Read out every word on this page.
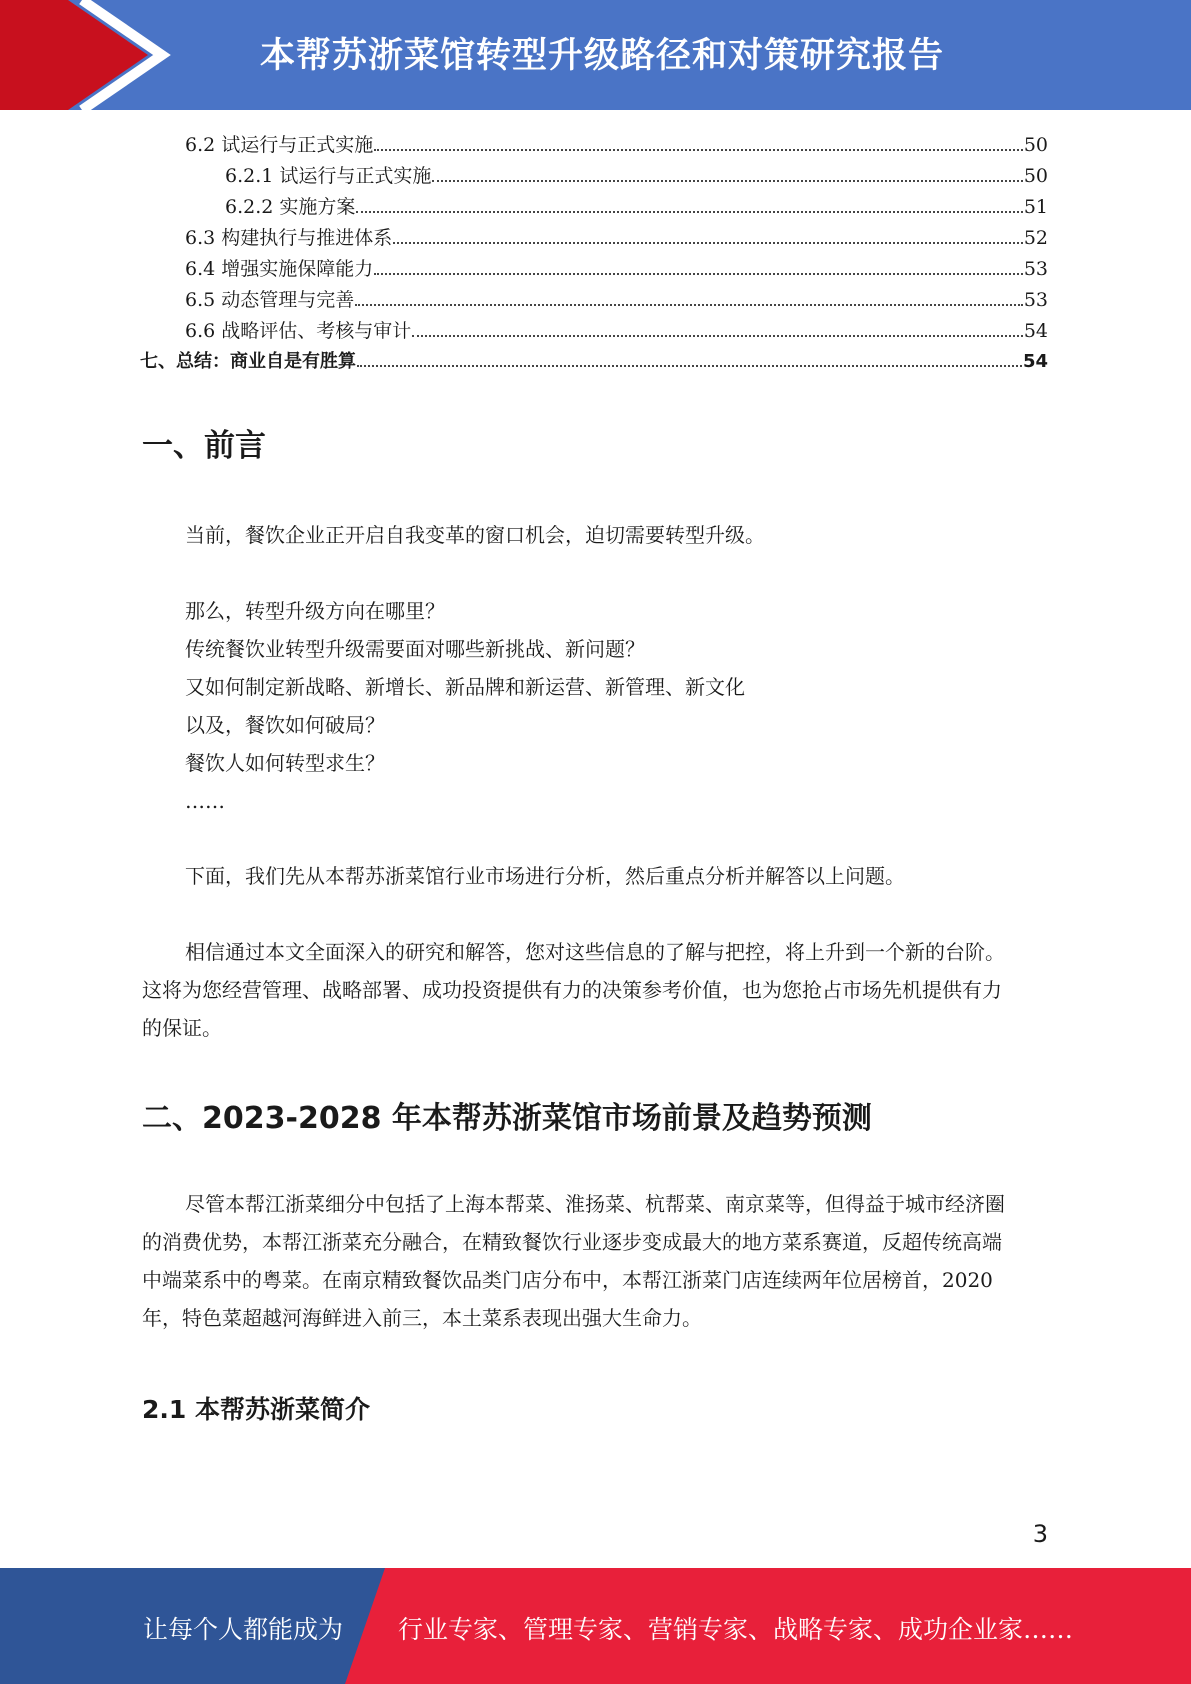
本帮苏浙菜馆转型升级路径和对策研究报告
6.2 试运行与正式实施	50
6.2.1 试运行与正式实施	50
6.2.2 实施方案	51
6.3 构建执行与推进体系	52
6.4 增强实施保障能力	53
6.5 动态管理与完善	53
6.6 战略评估、考核与审计	54
七、总结：商业自是有胜算	54
一、前言
当前，餐饮企业正开启自我变革的窗口机会，迫切需要转型升级。
那么，转型升级方向在哪里？
传统餐饮业转型升级需要面对哪些新挑战、新问题？
又如何制定新战略、新增长、新品牌和新运营、新管理、新文化
以及，餐饮如何破局？
餐饮人如何转型求生？
……
下面，我们先从本帮苏浙菜馆行业市场进行分析，然后重点分析并解答以上问题。
相信通过本文全面深入的研究和解答，您对这些信息的了解与把控，将上升到一个新的台阶。
这将为您经营管理、战略部署、成功投资提供有力的决策参考价值，也为您抢占市场先机提供有力
的保证。
二、2023-2028 年本帮苏浙菜馆市场前景及趋势预测
尽管本帮江浙菜细分中包括了上海本帮菜、淮扬菜、杭帮菜、南京菜等，但得益于城市经济圈
的消费优势，本帮江浙菜充分融合，在精致餐饮行业逐步变成最大的地方菜系赛道，反超传统高端
中端菜系中的粤菜。在南京精致餐饮品类门店分布中，本帮江浙菜门店连续两年位居榜首，2020
年，特色菜超越河海鲜进入前三，本土菜系表现出强大生命力。
2.1 本帮苏浙菜简介
3
让每个人都能成为 行业专家、管理专家、营销专家、战略专家、成功企业家……
